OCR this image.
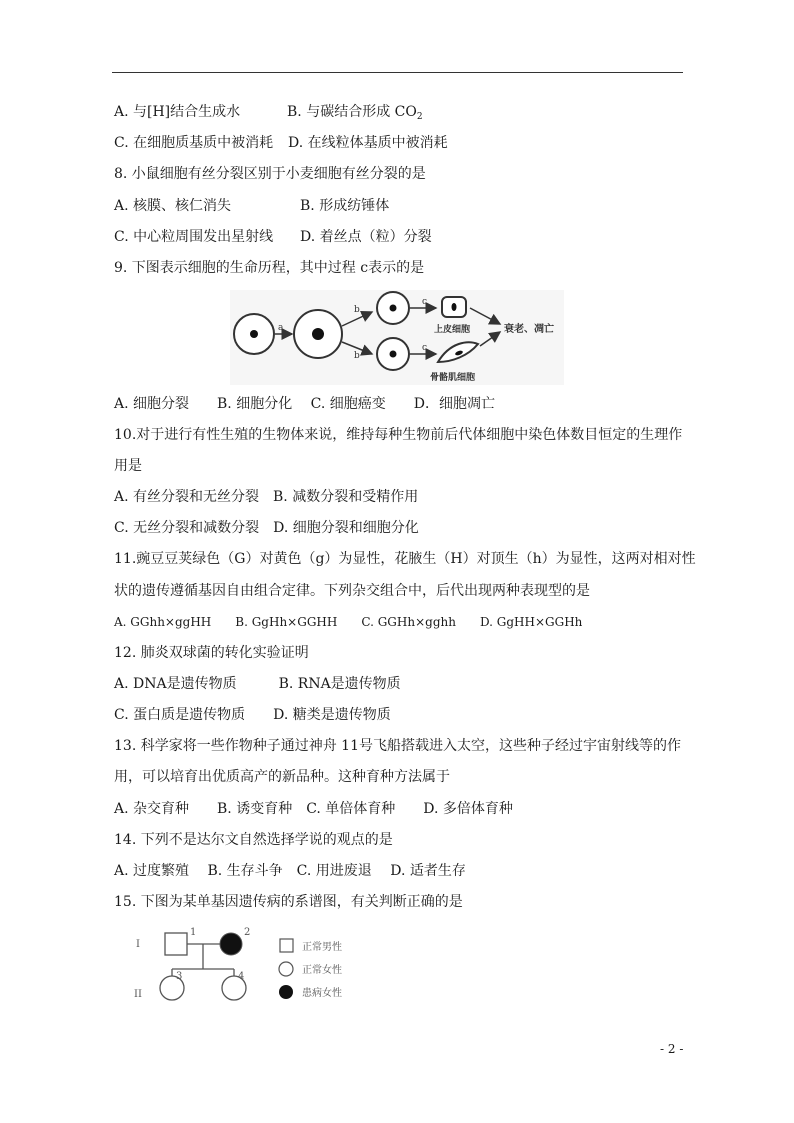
A. 与[H]结合生成水	B. 与碳结合形成 $CO_2$
C. 在细胞质基质中被消耗 D. 在线粒体基质中被消耗
8. 小鼠细胞有丝分裂区别于小麦细胞有丝分裂的是
A. 核膜、核仁消失	B. 形成纺锤体
C. 中心粒周围发出星射线 D. 着丝点（粒）分裂
9. 下图表示细胞的生命历程，其中过程 c表示的是
a
b
b
c
c
上皮细胞
骨骼肌细胞
衰老、凋亡
A. 细胞分裂　　B. 细胞分化　 C. 细胞癌变　　D．细胞凋亡
10.对于进行有性生殖的生物体来说，维持每种生物前后代体细胞中染色体数目恒定的生理作
用是
A. 有丝分裂和无丝分裂　B. 减数分裂和受精作用
C. 无丝分裂和减数分裂　D. 细胞分裂和细胞分化
11.豌豆豆荚绿色（G）对黄色（g）为显性，花腋生（H）对顶生（h）为显性，这两对相对性
状的遗传遵循基因自由组合定律。下列杂交组合中，后代出现两种表现型的是
A. GGhh×ggHH　　B. GgHh×GGHH　　C. GGHh×gghh　　D. GgHH×GGHh
12. 肺炎双球菌的转化实验证明
A. DNA是遗传物质　　　B. RNA是遗传物质
C. 蛋白质是遗传物质　　D. 糖类是遗传物质
13. 科学家将一些作物种子通过神舟 11号飞船搭载进入太空，这些种子经过宇宙射线等的作
用，可以培育出优质高产的新品种。这种育种方法属于
A. 杂交育种　　B. 诱变育种　C. 单倍体育种　　D. 多倍体育种
14. 下列不是达尔文自然选择学说的观点的是
A. 过度繁殖　 B. 生存斗争　C. 用进废退　 D. 适者生存
15. 下图为某单基因遗传病的系谱图，有关判断正确的是
I
II
1	2
3	4
正常男性
正常女性
患病女性
- 2 -
